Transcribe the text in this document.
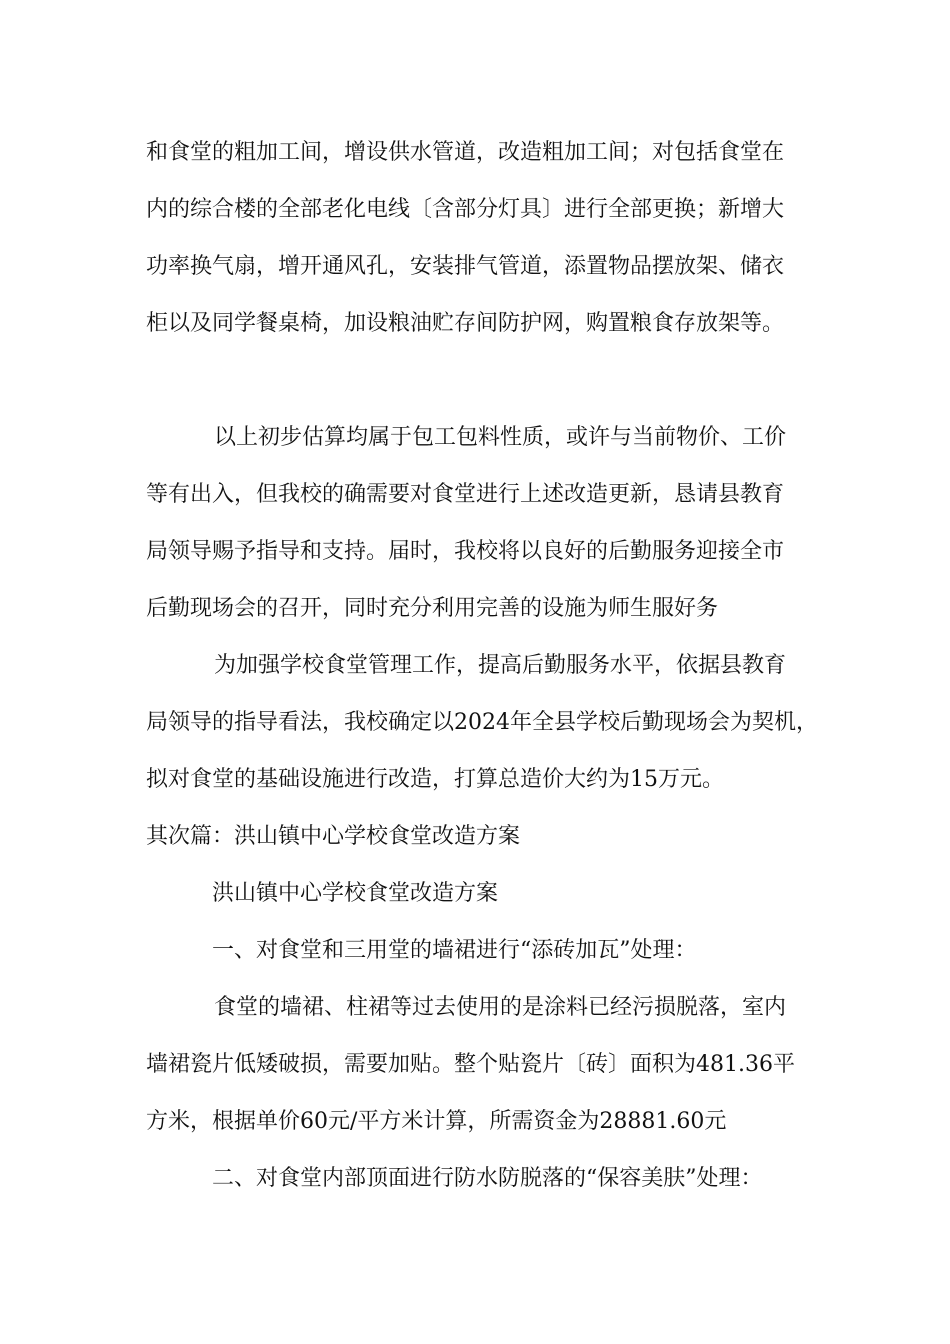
和食堂的粗加工间，增设供水管道，改造粗加工间；对包括食堂在
内的综合楼的全部老化电线〔含部分灯具〕进行全部更换；新增大
功率换气扇，增开通风孔，安装排气管道，添置物品摆放架、储衣
柜以及同学餐桌椅，加设粮油贮存间防护网，购置粮食存放架等。
以上初步估算均属于包工包料性质，或许与当前物价、工价
等有出入，但我校的确需要对食堂进行上述改造更新，恳请县教育
局领导赐予指导和支持。届时，我校将以良好的后勤服务迎接全市
后勤现场会的召开，同时充分利用完善的设施为师生服好务
为加强学校食堂管理工作，提高后勤服务水平，依据县教育
局领导的指导看法，我校确定以2024年全县学校后勤现场会为契机，
拟对食堂的基础设施进行改造，打算总造价大约为15万元。
其次篇：洪山镇中心学校食堂改造方案
洪山镇中心学校食堂改造方案
一、对食堂和三用堂的墙裙进行“添砖加瓦”处理：
食堂的墙裙、柱裙等过去使用的是涂料已经污损脱落，室内
墙裙瓷片低矮破损，需要加贴。整个贴瓷片〔砖〕面积为481.36平
方米，根据单价60元/平方米计算，所需资金为28881.60元
二、对食堂内部顶面进行防水防脱落的“保容美肤”处理：
